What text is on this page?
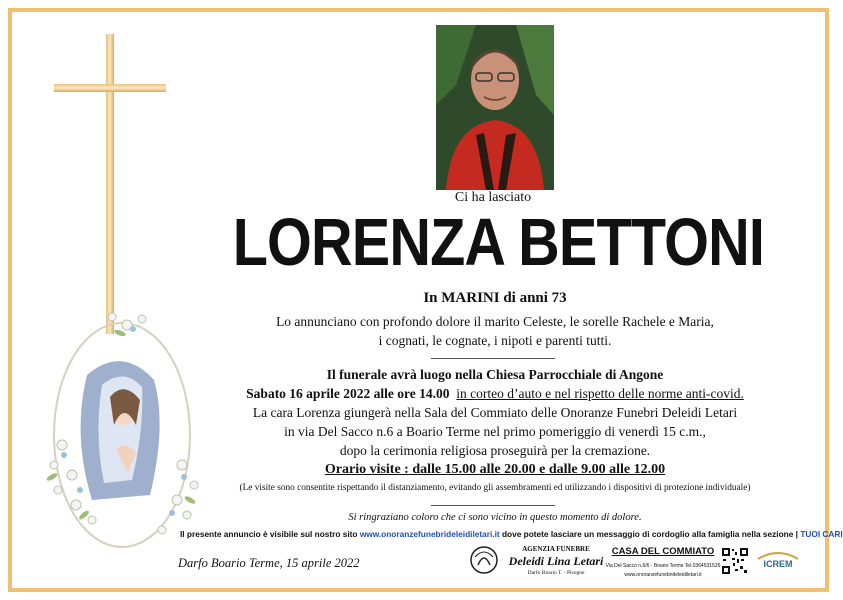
Ci ha lasciato
LORENZA BETTONI
In MARINI di anni 73
Lo annunciano con profondo dolore il marito Celeste, le sorelle Rachele e Maria,
i cognati, le cognate, i nipoti e parenti tutti.
Il funerale avrà luogo nella Chiesa Parrocchiale di Angone
Sabato 16 aprile 2022 alle ore 14.00 in corteo d’auto e nel rispetto delle norme anti-covid.
La cara Lorenza giungerà nella Sala del Commiato delle Onoranze Funebri Deleidi Letari
in via Del Sacco n.6 a Boario Terme nel primo pomeriggio di venerdì 15 c.m.,
dopo la cerimonia religiosa proseguirà per la cremazione.
Orario visite : dalle 15.00 alle 20.00 e dalle 9.00 alle 12.00
(Le visite sono consentite rispettando il distanziamento, evitando gli assembramenti ed utilizzando i dispositivi di protezione individuale)
Si ringraziano coloro che ci sono vicino in questo momento di dolore.
Il presente annuncio è visibile sul nostro sito www.onoranzefunebrideleidiletari.it dove potete lasciare un messaggio di cordoglio alla famiglia nella sezione | TUOI CARI
Darfo Boario Terme, 15 aprile 2022
AGENZIA FUNEBRE
Deleidi Lina Letari
Darfo Boario T. - Pisogne
CASA DEL COMMIATO
Via Del Sacco n.6/6 - Boario Terme Tel.0364531526
www.onoranzefunebrideleidiletari.it
ICREM
